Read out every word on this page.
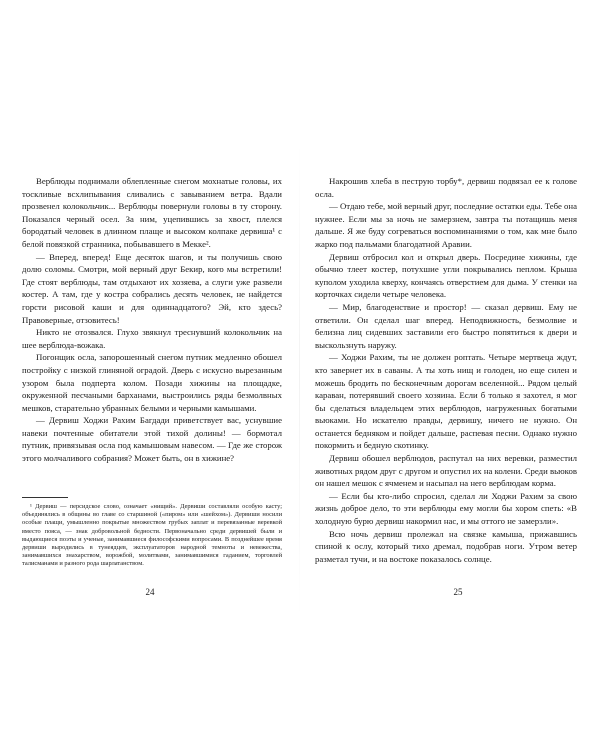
Верблюды поднимали облепленные снегом мохнатые головы, их тоскливые всхлипывания сливались с завыванием ветра. Вдали прозвенел колокольчик... Верблюды повернули головы в ту сторону. Показался черный осел. За ним, уцепившись за хвост, плелся бородатый человек в длинном плаще и высоком колпаке дервиша¹ с белой повязкой странника, побывавшего в Мекке².

— Вперед, вперед! Еще десяток шагов, и ты получишь свою долю соломы. Смотри, мой верный друг Бекир, кого мы встретили! Где стоят верблюды, там отдыхают их хозяева, а слуги уже развели костер. А там, где у костра собрались десять человек, не найдется горсти рисовой каши и для одиннадцатого? Эй, кто здесь? Правоверные, отзовитесь!

Никто не отозвался. Глухо звякнул треснувший колокольчик на шее верблюда-вожака.

Погонщик осла, запорошенный снегом путник медленно обошел постройку с низкой глиняной оградой. Дверь с искусно вырезанным узором была подперта колом. Позади хижины на площадке, окруженной песчаными барханами, выстроились ряды безмолвных мешков, старательно убранных белыми и черными камышами.

— Дервиш Ходжи Рахим Багдади приветствует вас, уснувшие навеки почтенные обитатели этой тихой долины! — бормотал путник, привязывая осла под камышовым навесом. — Где же сторож этого молчаливого собрания? Может быть, он в хижине?

¹ Дервиш — персидское слово, означает «нищий». Дервиши составляли особую касту; объединялись в общины во главе со старшиной («пиром» или «шейхом»). Дервиши носили особые плащи, умышленно покрытые множеством грубых заплат и перевязанные веревкой вместо пояса, — знак добровольной бедности. Первоначально среди дервишей были и выдающиеся поэты и ученые, занимавшиеся философскими вопросами. В позднейшее время дервиши выродились в тунеядцев, эксплуататоров народной темноты и невежества, занимавшихся знахарством, ворожбой, молитвами, занимавшимися гаданием, торговлей талисманами и разного рода шарлатанством.

24

Накрошив хлеба в пеструю торбу*, дервиш подвязал ее к голове осла.

— Отдаю тебе, мой верный друг, последние остатки еды. Тебе она нужнее. Если мы за ночь не замерзнем, завтра ты потащишь меня дальше. Я же буду согреваться воспоминаниями о том, как мне было жарко под пальмами благодатной Аравии.

Дервиш отбросил кол и открыл дверь. Посредине хижины, где обычно тлеет костер, потухшие угли покрывались пеплом. Крыша куполом уходила кверху, кончаясь отверстием для дыма. У стенки на корточках сидели четыре человека.

— Мир, благоденствие и простор! — сказал дервиш. Ему не ответили. Он сделал шаг вперед. Неподвижность, безмолвие и белизна лиц сидевших заставили его быстро попятиться к двери и выскользнуть наружу.

— Ходжи Рахим, ты не должен роптать. Четыре мертвеца ждут, кто завернет их в саваны. А ты хоть нищ и голоден, но еще силен и можешь бродить по бесконечным дорогам вселенной... Рядом целый караван, потерявший своего хозяина. Если б только я захотел, я мог бы сделаться владельцем этих верблюдов, нагруженных богатыми вьюками. Но искателю правды, дервишу, ничего не нужно. Он останется бедняком и пойдет дальше, распевая песни. Однако нужно покормить и бедную скотинку.

Дервиш обошел верблюдов, распутал на них веревки, разместил животных рядом друг с другом и опустил их на колени. Среди вьюков он нашел мешок с ячменем и насыпал на него верблюдам корма.

— Если бы кто-либо спросил, сделал ли Ходжи Рахим за свою жизнь доброе дело, то эти верблюды ему могли бы хором спеть: «В холодную бурю дервиш накормил нас, и мы оттого не замерзли».

Всю ночь дервиш пролежал на связке камыша, прижавшись спиной к ослу, который тихо дремал, подобрав ноги. Утром ветер разметал тучи, и на востоке показалось солнце.

25
